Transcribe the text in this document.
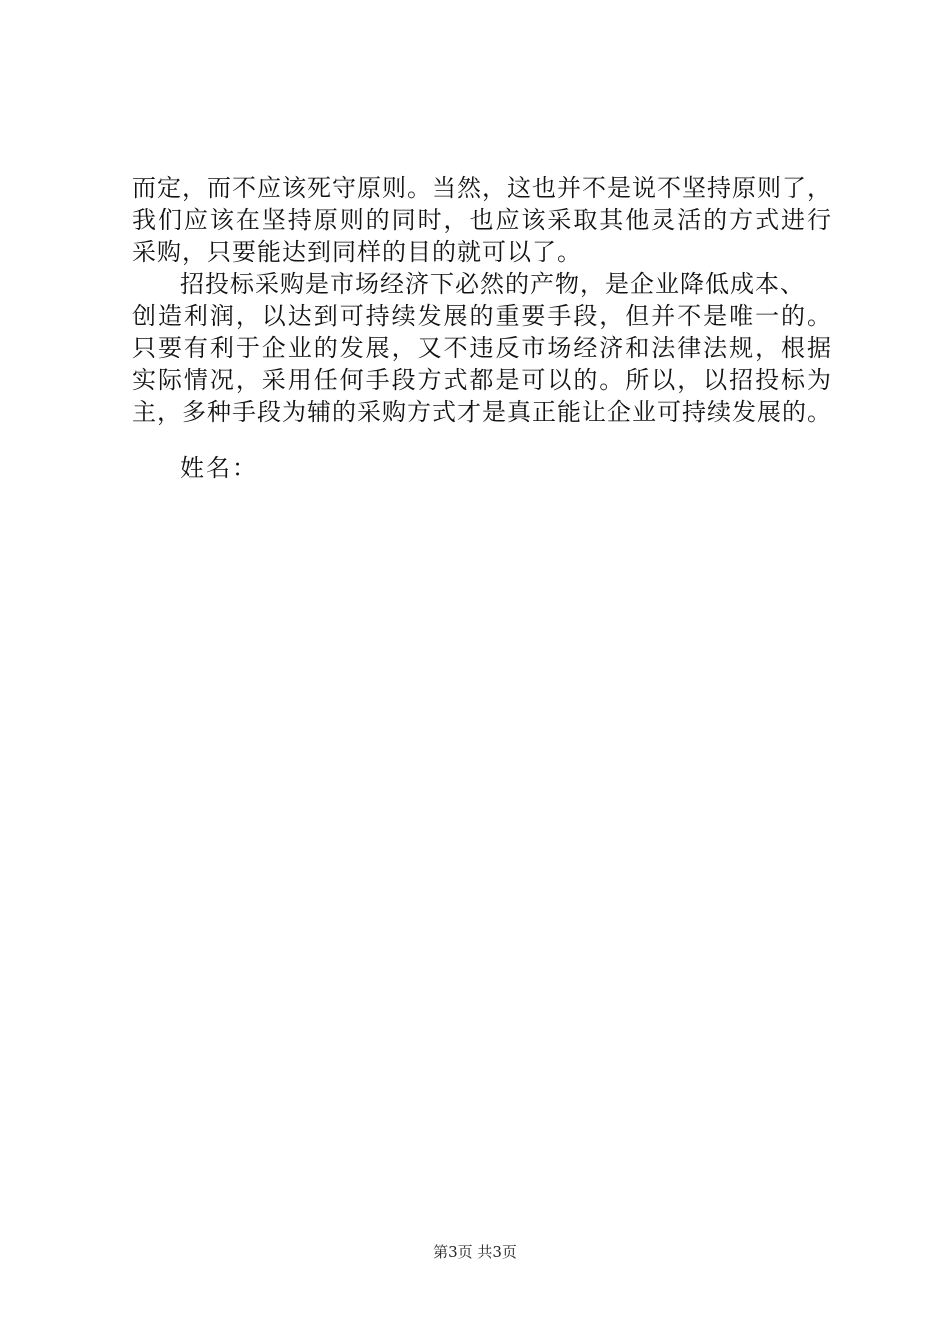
而定，而不应该死守原则。当然，这也并不是说不坚持原则了，
我们应该在坚持原则的同时，也应该采取其他灵活的方式进行
采购，只要能达到同样的目的就可以了。
招投标采购是市场经济下必然的产物，是企业降低成本、
创造利润，以达到可持续发展的重要手段，但并不是唯一的。
只要有利于企业的发展，又不违反市场经济和法律法规，根据
实际情况，采用任何手段方式都是可以的。所以，以招投标为
主，多种手段为辅的采购方式才是真正能让企业可持续发展的。
姓名：
第3页 共3页
